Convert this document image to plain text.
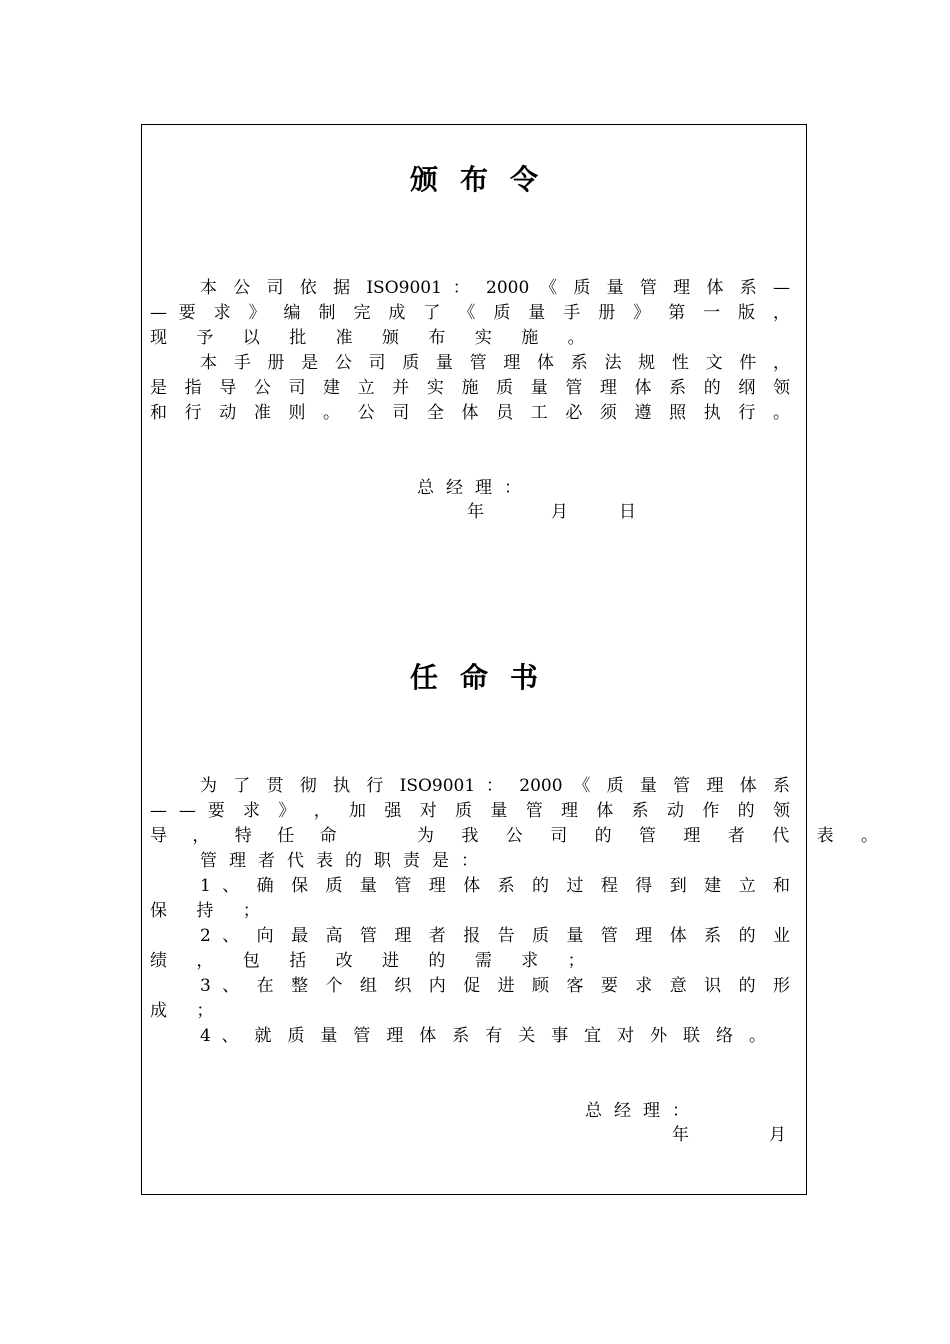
颁布令
本 公 司 依 据 ISO9001 ： 2000 《 质 量 管 理 体 系 —
— 要 求 》 编 制 完 成 了 《 质 量 手 册 》 第 一 版 ，
现 予 以 批 准 颁 布 实 施 。
本 手 册 是 公 司 质 量 管 理 体 系 法 规 性 文 件 ，
是 指 导 公 司 建 立 并 实 施 质 量 管 理 体 系 的 纲 领
和 行 动 准 则 。 公 司 全 体 员 工 必 须 遵 照 执 行 。
总经理：
年	月 日
任命书
为 了 贯 彻 执 行 ISO9001 ： 2000 《 质 量 管 理 体 系
— — 要 求 》 ， 加 强 对 质 量 管 理 体 系 动 作 的 领
导 ， 特 任 命	为 我 公 司 的 管 理 者 代 表 。
管理者代表的职责是：
1 、 确 保 质 量 管 理 体 系 的 过 程 得 到 建 立 和
保 持 ；
2 、 向 最 高 管 理 者 报 告 质 量 管 理 体 系 的 业
绩 ， 包 括 改 进 的 需 求 ；
3 、 在 整 个 组 织 内 促 进 顾 客 要 求 意 识 的 形
成 ；
4 、 就 质 量 管 理 体 系 有 关 事 宜 对 外 联 络 。
总经理：
年	月
